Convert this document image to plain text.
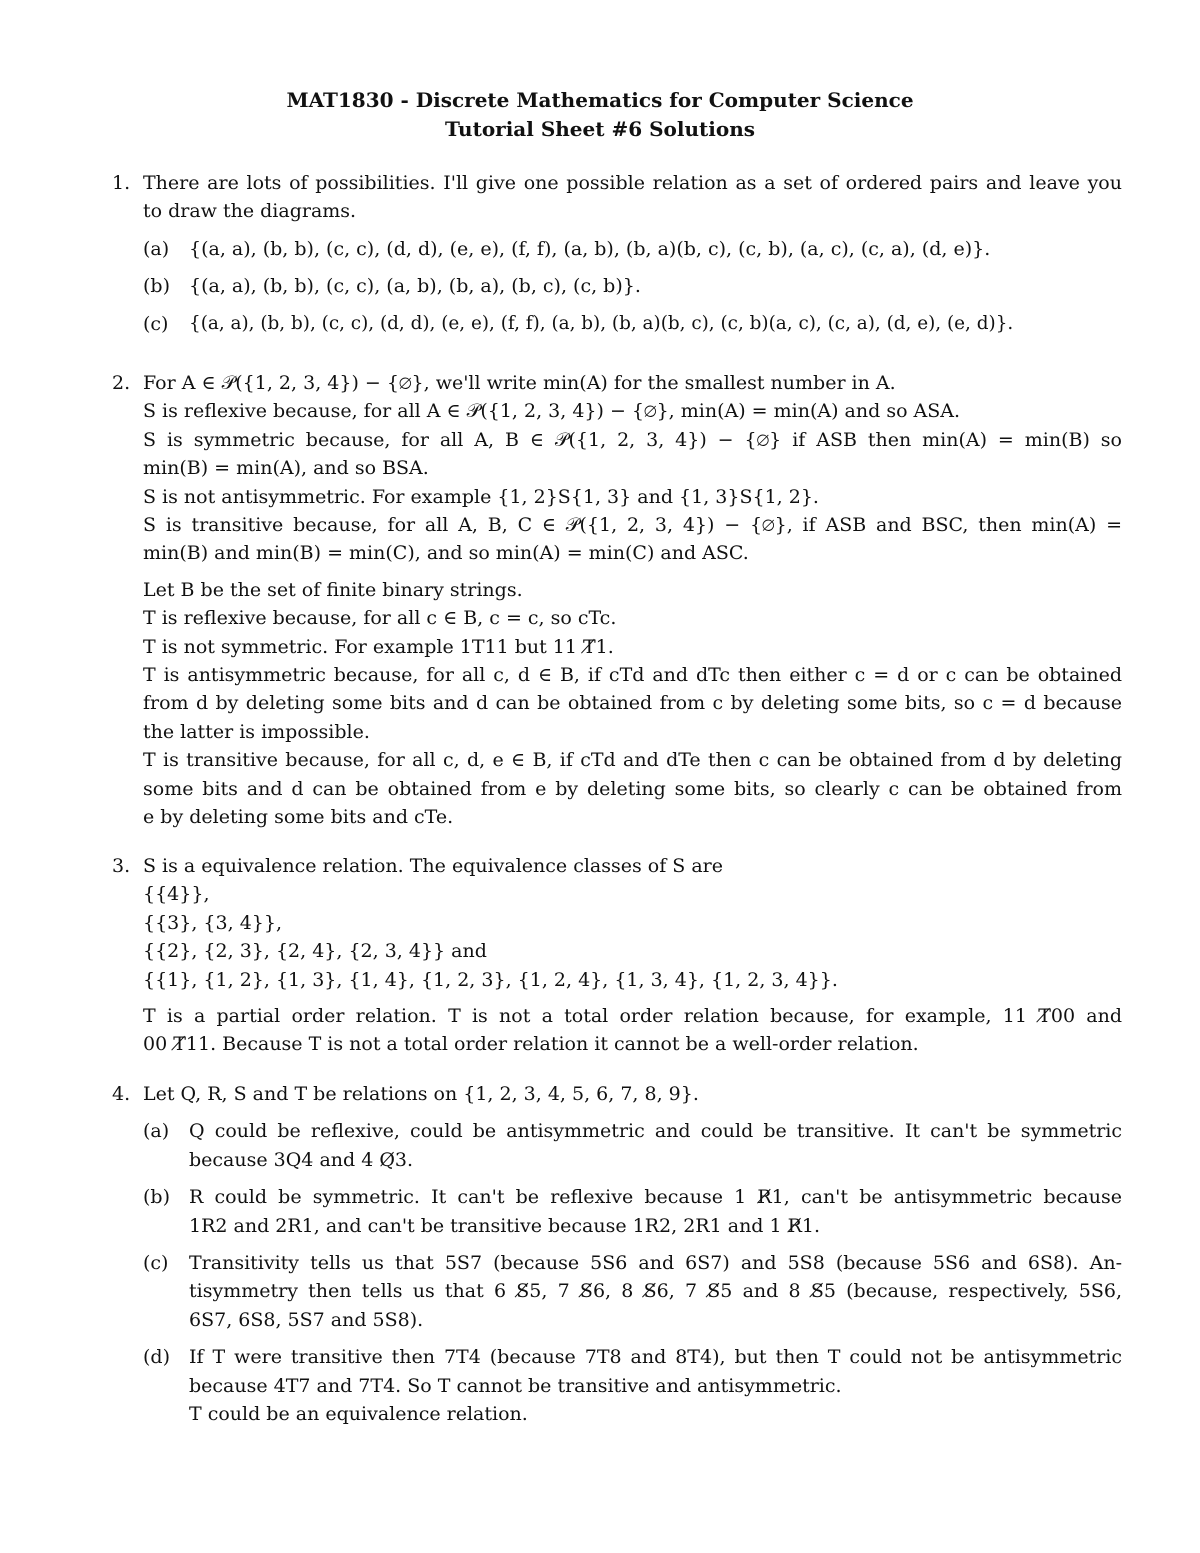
MAT1830 - Discrete Mathematics for Computer Science
Tutorial Sheet #6 Solutions
1. There are lots of possibilities. I'll give one possible relation as a set of ordered pairs and leave you
to draw the diagrams.
(a)	{(a, a), (b, b), (c, c), (d, d), (e, e), (f, f), (a, b), (b, a)(b, c), (c, b), (a, c), (c, a), (d, e)}.
(b)	{(a, a), (b, b), (c, c), (a, b), (b, a), (b, c), (c, b)}.
(c)	{(a, a), (b, b), (c, c), (d, d), (e, e), (f, f), (a, b), (b, a)(b, c), (c, b)(a, c), (c, a), (d, e), (e, d)}.
2. For A ∈ 𝒫({1, 2, 3, 4}) − {∅}, we'll write min(A) for the smallest number in A.
S is reflexive because, for all A ∈ 𝒫({1, 2, 3, 4}) − {∅}, min(A) = min(A) and so ASA.
S is symmetric because, for all A, B ∈ 𝒫({1, 2, 3, 4}) − {∅} if ASB then min(A) = min(B) so
min(B) = min(A), and so BSA.
S is not antisymmetric. For example {1, 2}S{1, 3} and {1, 3}S{1, 2}.
S is transitive because, for all A, B, C ∈ 𝒫({1, 2, 3, 4}) − {∅}, if ASB and BSC, then min(A) =
min(B) and min(B) = min(C), and so min(A) = min(C) and ASC.
Let B be the set of finite binary strings.
T is reflexive because, for all c ∈ B, c = c, so cTc.
T is not symmetric. For example 1T11 but 11 T̸1.
T is antisymmetric because, for all c, d ∈ B, if cTd and dTc then either c = d or c can be obtained
from d by deleting some bits and d can be obtained from c by deleting some bits, so c = d because
the latter is impossible.
T is transitive because, for all c, d, e ∈ B, if cTd and dTe then c can be obtained from d by deleting
some bits and d can be obtained from e by deleting some bits, so clearly c can be obtained from
e by deleting some bits and cTe.
3. S is a equivalence relation. The equivalence classes of S are
{{4}},
{{3}, {3, 4}},
{{2}, {2, 3}, {2, 4}, {2, 3, 4}} and
{{1}, {1, 2}, {1, 3}, {1, 4}, {1, 2, 3}, {1, 2, 4}, {1, 3, 4}, {1, 2, 3, 4}}.
T is a partial order relation. T is not a total order relation because, for example, 11 T̸00 and
00 T̸11. Because T is not a total order relation it cannot be a well-order relation.
4. Let Q, R, S and T be relations on {1, 2, 3, 4, 5, 6, 7, 8, 9}.
(a)	Q could be reflexive, could be antisymmetric and could be transitive. It can't be symmetric
because 3Q4 and 4 Q̸3.
(b)	R could be symmetric. It can't be reflexive because 1 R̸1, can't be antisymmetric because
1R2 and 2R1, and can't be transitive because 1R2, 2R1 and 1 R̸1.
(c)	Transitivity tells us that 5S7 (because 5S6 and 6S7) and 5S8 (because 5S6 and 6S8). An-
tisymmetry then tells us that 6 S̸5, 7 S̸6, 8 S̸6, 7 S̸5 and 8 S̸5 (because, respectively, 5S6,
6S7, 6S8, 5S7 and 5S8).
(d)	If T were transitive then 7T4 (because 7T8 and 8T4), but then T could not be antisymmetric
because 4T7 and 7T4. So T cannot be transitive and antisymmetric.
T could be an equivalence relation.
